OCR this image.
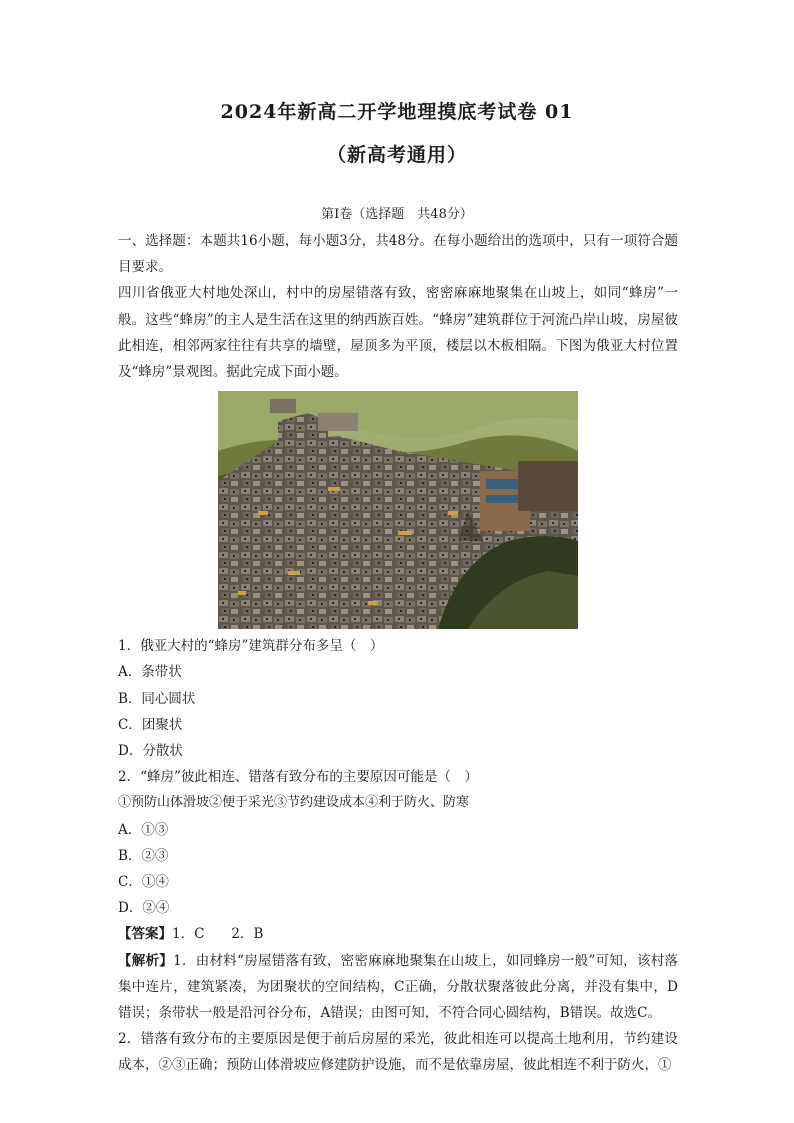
2024年新高二开学地理摸底考试卷 01
（新高考通用）
第Ⅰ卷（选择题　共48分）

一、选择题：本题共16小题，每小题3分，共48分。在每小题给出的选项中，只有一项符合题目要求。

四川省俄亚大村地处深山，村中的房屋错落有致，密密麻麻地聚集在山坡上，如同“蜂房”一般。这些“蜂房”的主人是生活在这里的纳西族百姓。“蜂房”建筑群位于河流凸岸山坡，房屋彼此相连，相邻两家往往有共享的墙壁，屋顶多为平顶，楼层以木板相隔。下图为俄亚大村位置及“蜂房”景观图。据此完成下面小题。

1．俄亚大村的“蜂房”建筑群分布多呈（　）

A．条带状
B．同心圆状
C．团聚状
D．分散状

2．“蜂房”彼此相连、错落有致分布的主要原因可能是（　）

①预防山体滑坡②便于采光③节约建设成本④利于防火、防寒

A．①③
B．②③
C．①④
D．②④

【答案】1．C　　2．B

【解析】1．由材料“房屋错落有致，密密麻麻地聚集在山坡上，如同蜂房一般”可知，该村落集中连片，建筑紧凑，为团聚状的空间结构，C正确，分散状聚落彼此分离，并没有集中，D错误；条带状一般是沿河谷分布，A错误；由图可知，不符合同心圆结构，B错误。故选C。

2．错落有致分布的主要原因是便于前后房屋的采光，彼此相连可以提高土地利用，节约建设成本，②③正确；预防山体滑坡应修建防护设施，而不是依靠房屋，彼此相连不利于防火，①
